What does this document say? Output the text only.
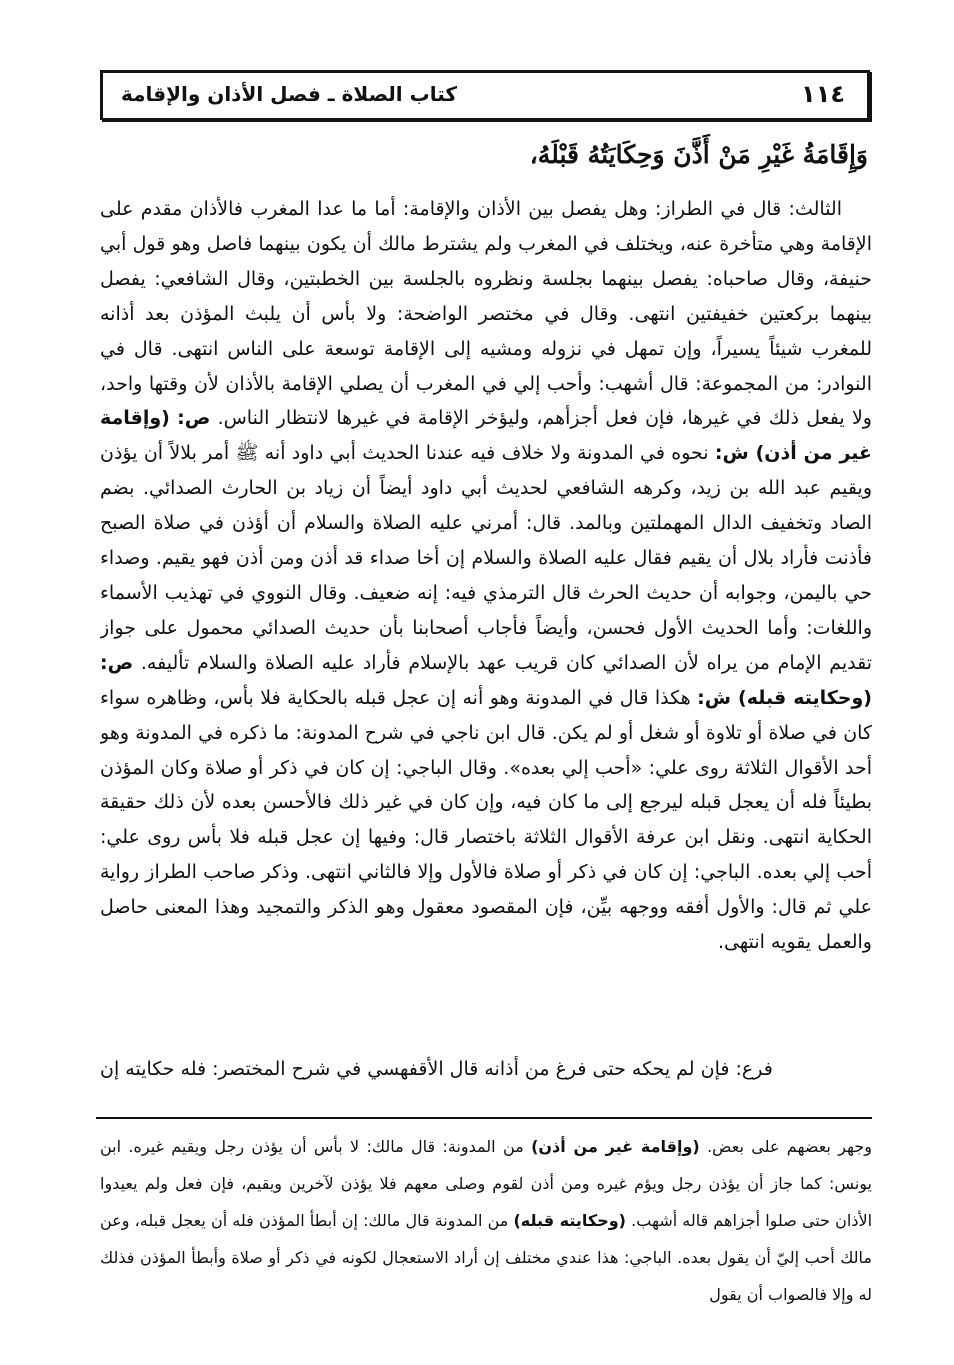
كتاب الصلاة ـ فصل الأذان والإقامة	١١٤
وَإِقَامَةُ غَيْرِ مَنْ أَذَّنَ وَحِكَايَتُهُ قَبْلَهُ،

الثالث: قال في الطراز: وهل يفصل بين الأذان والإقامة: أما ما عدا المغرب فالأذان مقدم على الإقامة وهي متأخرة عنه، ويختلف في المغرب ولم يشترط مالك أن يكون بينهما فاصل وهو قول أبي حنيفة، وقال صاحباه: يفصل بينهما بجلسة ونظروه بالجلسة بين الخطبتين، وقال الشافعي: يفصل بينهما بركعتين خفيفتين انتهى. وقال في مختصر الواضحة: ولا بأس أن يلبث المؤذن بعد أذانه للمغرب شيئاً يسيراً، وإن تمهل في نزوله ومشيه إلى الإقامة توسعة على الناس انتهى. قال في النوادر: من المجموعة: قال أشهب: وأحب إلي في المغرب أن يصلي الإقامة بالأذان لأن وقتها واحد، ولا يفعل ذلك في غيرها، فإن فعل أجزأهم، وليؤخر الإقامة في غيرها لانتظار الناس. ص: (وإقامة غير من أذن) ش: نحوه في المدونة ولا خلاف فيه عندنا الحديث أبي داود أنه ﷺ أمر بلالاً أن يؤذن ويقيم عبد الله بن زيد، وكرهه الشافعي لحديث أبي داود أيضاً أن زياد بن الحارث الصدائي. بضم الصاد وتخفيف الدال المهملتين وبالمد. قال: أمرني عليه الصلاة والسلام أن أؤذن في صلاة الصبح فأذنت فأراد بلال أن يقيم فقال عليه الصلاة والسلام إن أخا صداء قد أذن ومن أذن فهو يقيم. وصداء حي باليمن، وجوابه أن حديث الحرث قال الترمذي فيه: إنه ضعيف. وقال النووي في تهذيب الأسماء واللغات: وأما الحديث الأول فحسن، وأيضاً فأجاب أصحابنا بأن حديث الصدائي محمول على جواز تقديم الإمام من يراه لأن الصدائي كان قريب عهد بالإسلام فأراد عليه الصلاة والسلام تأليفه. ص: (وحكايته قبله) ش: هكذا قال في المدونة وهو أنه إن عجل قبله بالحكاية فلا بأس، وظاهره سواء كان في صلاة أو تلاوة أو شغل أو لم يكن. قال ابن ناجي في شرح المدونة: ما ذكره في المدونة وهو أحد الأقوال الثلاثة روى علي: «أحب إلي بعده». وقال الباجي: إن كان في ذكر أو صلاة وكان المؤذن بطيئاً فله أن يعجل قبله ليرجع إلى ما كان فيه، وإن كان في غير ذلك فالأحسن بعده لأن ذلك حقيقة الحكاية انتهى. ونقل ابن عرفة الأقوال الثلاثة باختصار قال: وفيها إن عجل قبله فلا بأس روى علي: أحب إلي بعده. الباجي: إن كان في ذكر أو صلاة فالأول وإلا فالثاني انتهى. وذكر صاحب الطراز رواية علي ثم قال: والأول أفقه ووجهه بيِّن، فإن المقصود معقول وهو الذكر والتمجيد وهذا المعنى حاصل والعمل يقويه انتهى.

فرع: فإن لم يحكه حتى فرغ من أذانه قال الأقفهسي في شرح المختصر: فله حكايته إن

وجهر بعضهم على بعض. (وإقامة غير من أذن) من المدونة: قال مالك: لا بأس أن يؤذن رجل ويقيم غيره. ابن يونس: كما جاز أن يؤذن رجل ويؤم غيره ومن أذن لقوم وصلى معهم فلا يؤذن لآخرين ويقيم، فإن فعل ولم يعيدوا الأذان حتى صلوا أجزاهم قاله أشهب. (وحكايته قبله) من المدونة قال مالك: إن أبطأ المؤذن فله أن يعجل قبله، وعن مالك أحب إليّ أن يقول بعده. الباجي: هذا عندي مختلف إن أراد الاستعجال لكونه في ذكر أو صلاة وأبطأ المؤذن فذلك له وإلا فالصواب أن يقول
